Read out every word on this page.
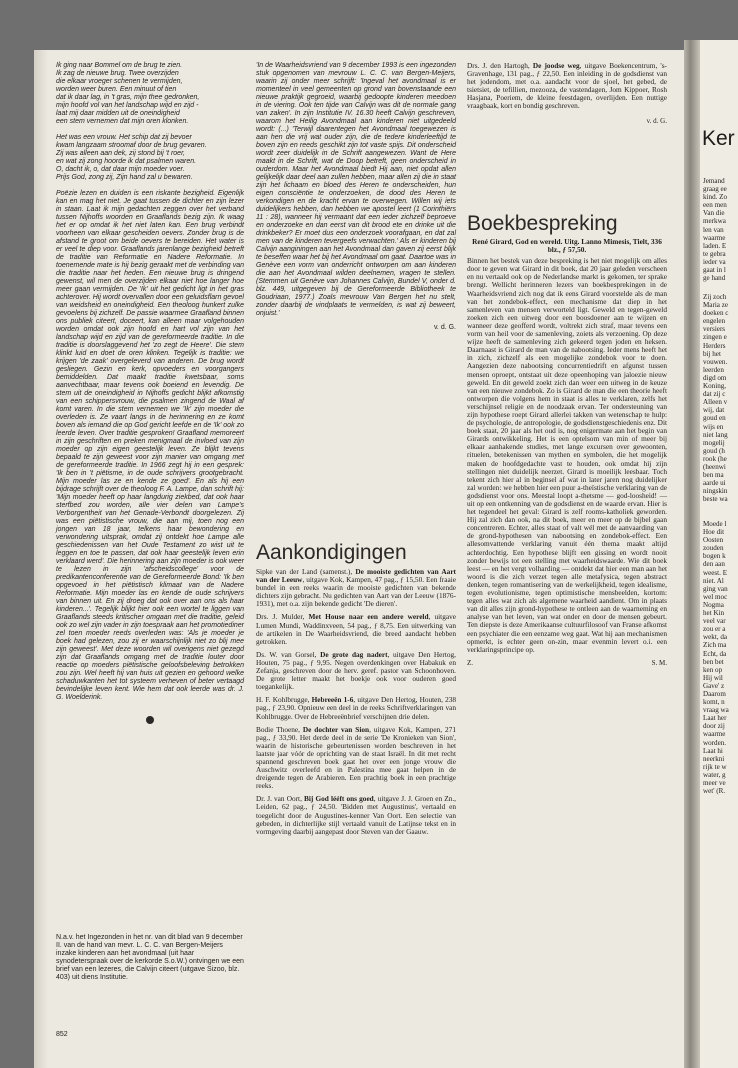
Ker
Jemand
graag ee
kind. Zo
een men
Van die
merkwa
len van
waarme
laden. E
te gebra
ieder va
gaat in l
ge hand
Zij zoch
Maria ze
doeken c
engelen
versiers
zingen e
Herders
bij het
vouwen.
leerden
digd om
Koning,
dat zij c
Alleen v
wij, dat
goud en
wijs en
niet lang
mogelij
goud (h
rook (he
(heenwi
ben ma
aarde ui
ningskin
beste wa
Moede l
Hoe dit
Oosten
zouden
bogen k
den aan
weest. E
niet. Al
ging van
wel moc
Nogma
het Kin
veel var
zou er a
wekt, da
Zich ma
Echt, da
ben bet
ken op
Hij wil
Gave' z
Daarom
komt, n
vraag wa
Laat her
door zij
waarme
worden.
Laat hi
neerkni
rijk te w
water, g
meer ve
wet' (R.

Ik ging naar Bommel om de brug te zien.
Ik zag de nieuwe brug. Twee overzijden
die elkaar vroeger schenen te vermijden,
worden weer buren. Een minuut of tien
dat ik daar lag, in 't gras, mijn thee gedronken,
mijn hoofd vol van het landschap wijd en zijd -
laat mij daar midden uit de oneindigheid
een stem vernemen dat mijn oren klonken.

Het was een vrouw. Het schip dat zij bevoer
kwam langzaam stroomaf door de brug gevaren.
Zij was alleen aan dek, zij stond bij 't roer,
en wat zij zong hoorde ik dat psalmen waren.
O, dacht ik, o, dat daar mijn moeder voer.
Prijs God, zong zij, Zijn hand zal u bewaren.

Poëzie lezen en duiden is een riskante bezigheid. Eigenlijk kan en mag het niet. Je gaat tussen de dichter en zijn lezer in staan. Laat ik mijn gedachten zeggen over het verband tussen Nijhoffs woorden en Graaflands bezig zijn. Ik waag het er op omdat ik het niet laten kan. Een brug verbindt voorheen van elkaar gescheiden oevers. Zonder brug is de afstand te groot om beide oevers te bereiden. Het water is er veel te diep voor. Graaflands jarenlange bezigheid betreft de traditie van Reformatie en Nadere Reformatie. In toenemende mate is hij bezig geraakt met de verbinding van die traditie naar het heden. Een nieuwe brug is dringend gewenst, wil men de overzijden elkaar niet hoe langer hoe meer gaan vermijden. De 'Ik' uit het gedicht ligt in het gras achterover. Hij wordt overvallen door een geluidsflarn gevoel van weidsheid en oneindigheid. Een theoloog hunkert zulke gevoelens bij zichzelf. De passie waarmee Graafland binnen ons publiek citeert, doceert, kan alleen maar volgehouden worden omdat ook zijn hoofd en hart vol zijn van het landschap wijd en zijd van de gereformeerde traditie. In die traditie is doorslaggevend het 'zo zegt de Heere'. Die stem klinkt luid en doet de oren klinken. Tegelijk is traditie: we krijgen 'de zaak' overgeleverd van anderen. De brug wordt gesliegen. Gezin en kerk, opvoeders en voorgangers bemiddelden. Dat maakt traditie kwetsbaar, soms aanvechtbaar, maar tevens ook boeiend en levendig. De stem uit de oneindigheid in Nijhoffs gedicht blijkt afkomstig van een schippersvrouw, die psalmen zingend de Waal af komt varen. In die stem vernemen we 'Ik' zijn moeder die overleden is. Ze vaart langs in de herinnering en ze komt boven als iemand die op God gericht leefde en de 'Ik' ook zo leerde leven. Over traditie gesproken! Graafland memoreert in zijn geschriften en preken menigmaal de invloed van zijn moeder op zijn eigen geestelijk leven. Ze blijkt tevens bepaald te zijn geweest voor zijn manier van omgang met de gereformeerde traditie. In 1966 zegt hij in een gesprek: 'Ik ben in 't piëtisme, in de oude schrijvers grootgebracht. Mijn moeder las ze en kende ze goed'. En als hij een bijdrage schrijft over de theoloog F. A. Lampe, dan schrift hij: 'Mijn moeder heeft op haar langdurig ziekbed, dat ook haar sterfbed zou worden, alle vier delen van Lampe's Verborgentheit van het Genade-Verbondt doorgelezen. Zij was een piëtistische vrouw, die aan mij, toen nog een jongen van 18 jaar, telkens haar bewondering en verwondering uitsprak, omdat zij ontdekt hoe Lampe alle geschiedenissen van het Oude Testament zo wist uit te leggen en toe te passen, dat ook haar geestelijk leven erin verklaard werd'. Die herinnering aan zijn moeder is ook weer te lezen in zijn 'afscheidscollege' voor de predikantenconferentie van de Gereformeerde Bond: 'Ik ben opgevoed in het piëtistisch klimaat van de Nadere Reformatie. Mijn moeder las en kende de oude schrijvers van binnen uit. En zij droeg dat ook over aan ons als haar kinderen...'. Tegelijk blijkt hier ook een wortel te liggen van Graaflands steeds kritischer omgaan met die traditie, geleid ook zo wel zijn vader in zijn toespraak aan het promotiediner zel toen moeder reeds overleden was: 'Als je moeder je boek had gelezen, zou zij er waarschijnlijk niet zo blij mee zijn geweest'. Met deze woorden wil overigens niet gezegd zijn dat Graaflands omgang met de traditie louter door reactie op moeders piëtistische geloofsbeleving betrokken zou zijn. Wel heeft hij van huis uit gezien en gehoord welke schaduwkanten het tot systeem verheven of beter vertaagd bevindelijke leven kent. Wie hem dat ook leerde was dr. J. G. Woelderink.

N.a.v. het Ingezonden in het nr. van dit blad van 9 december II. van de hand van mevr. L. C. C. van Bergen-Meijers inzake kinderen aan het avondmaal (uit haar synodeterspraak over de kerkorde S.o.W.) ontvingen we een brief van een lezeres, die Calvijn citeert (uitgave Sizoo, blz. 403) uit diens Institutie.

'In de Waarheidsvriend van 9 december 1993 is een ingezonden stuk opgenomen van mevrouw L. C. C. van Bergen-Meijers, waarin zij onder meer schrijft: 'Ingeval het avondmaal is er momenteel in veel gemeenten op grond van bovenstaande een nieuwe praktijk gegroeid, waarbij gedoopte kinderen meedoen in de viering. Ook ten tijde van Calvijn was dit de normale gang van zaken'. In zijn Institutie IV. 16.30 heeft Calvijn geschreven, waarom het Heilig Avondmaal aan kinderen niet uitgedeeld wordt: (...) 'Terwijl daarentegen het Avondmaal toegewezen is aan hen die vrij wat ouder zijn, die de tedere kinderleeftijd te boven zijn en reeds geschikt zijn tot vaste spijs. Dit onderscheid wordt zeer duidelijk in de Schrift aangewezen. Want de Here maakt in de Schrift, wat de Doop betreft, geen onderscheid in ouderdom. Maar het Avondmaal biedt Hij aan, niet opdat allen gelijkelijk daar deel aan zullen hebben, maar allen zij die in staat zijn het lichaam en bloed des Heren te onderscheiden, hun eigen consciëntie te onderzoeken, de dood des Heren te verkondigen en de kracht ervan te overwegen. Willen wij iets duidelijkers hebben, dan hebben we apostel leert (1 Corinthiërs 11 : 28), wanneer hij vermaant dat een ieder zichzelf beproeve en onderzoeke en dan eerst van dit brood ete en drinke uit die drinkbeker? Er moet dus een onderzoek voorafgaan, en dat zal men van de kinderen tevergeefs verwachten.' Als er kinderen bij Calvijn aanginingen aan het Avondmaal dan gaven zij eerst blijk te beseffen waar het bij het Avondmaal om gaat. Daartoe was in Genève een vorm van onderricht ontworpen om aan kinderen die aan het Avondmaal wilden deelnemen, vragen te stellen. (Stemmen uit Genève van Johannes Calvijn, Bundel V, onder d. blz. 449, uitgegeven bij de Gereformeerde Bibliotheek te Goudriaan, 1977.) Zoals mevrouw Van Bergen het nu stelt, zonder daarbij de vindplaats te vermelden, is wat zij beweert, onjuist.'

v. d. G.
Aankondigingen

Sipke van der Land (samenst.), De mooiste gedichten van Aart van der Leeuw, uitgave Kok, Kampen, 47 pag., ƒ 15,50. Een fraaie bundel in een reeks waarin de mooiste gedichten van bekende dichters zijn gebracht. Nu gedichten van Aart van der Leeuw (1876-1931), met o.a. zijn bekende gedicht 'De dieren'.

Drs. J. Mulder, Met House naar een andere wereld, uitgave Lumen Mundi, Waddinxveen, 54 pag., ƒ 8,75. Een uitwerking van de artikelen in De Waarheidsvriend, die breed aandacht hebben getrokken.

Ds. W. van Gorsel, De grote dag nadert, uitgave Den Hertog, Houten, 75 pag., ƒ 9,95. Negen overdenkingen over Habakuk en Zefanja, geschreven door de herv. geref. pastor van Schoonhoven. De grote letter maakt het boekje ook voor ouderen goed toegankelijk.

H. F. Kohlbrugge, Hebreeën 1-6, uitgave Den Hertog, Houten, 238 pag., ƒ 23,90. Opnieuw een deel in de reeks Schriftverklaringen van Kohlbrugge. Over de Hebreeënbrief verschijnen drie delen.

Bodie Thoene, De dochter van Sion, uitgave Kok, Kampen, 271 pag., ƒ 33,90. Het derde deel in de serie 'De Kronieken van Sion', waarin de historische gebeurtenissen worden beschreven in het laatste jaar vóór de oprichting van de staat Israël. In dit met recht spannend geschreven boek gaat het over een jonge vrouw die Auschwitz overleefd en in Palestina mee gaat helpen in de dreigende tegen de Arabieren. Een prachtig boek in een prachtige reeks.

Dr. J. van Oort, Bij God lééft ons goed, uitgave J. J. Groen en Zn., Leiden, 62 pag., ƒ 24,50. 'Bidden met Augustinus', vertaald en toegelicht door de Augustines-kenner Van Oort. Een selectie van gebeden, in dichterlijke stijl vertaald vanuit de Latijnse tekst en in vormgeving daarbij aangepast door Steven van der Gaauw.

Drs. J. den Hartogh, De joodse weg, uitgave Boekencentrum, 's-Gravenhage, 131 pag., ƒ 22,50. Een inleiding in de godsdienst van het jodendom, met o.a. aandacht voor de sjoel, het gebed, de tsietsiet, de tefillien, mezooza, de vastendagen, Jom Kippoer, Rosh Hasjana, Poeriem, de kleine feestdagen, overlijden. Een nuttige vraagbaak, kort en bondig geschreven.

v. d. G.
Boekbespreking
René Girard, God en wereld. Uitg. Lanno Mimesis, Tielt, 336 blz., ƒ 57,50.

Binnen het bestek van deze bespreking is het niet mogelijk om alles door te geven wat Girard in dit boek, dat 20 jaar geleden verscheen en nu vertaald ook op de Nederlandse markt is gekomen, ter sprake brengt. Wellicht herinneren lezers van boekbesprekingen in de Waarheidsvriend zich nog dat ik eens Girard voorstelde als de man van het zondebok-effect, een mechanisme dat diep in het samenleven van mensen verworteld ligt. Geweld en tegen-geweld zoeken zich een uitweg door een boosdoener aan te wijzen en wanneer deze geofferd wordt, voltrekt zich straf, maar tevens een vorm van heil voor de samenleving, zoiets als verzoening. Op deze wijze heeft de samenleving zich gekeerd tegen joden en heksen. Daarnaast is Girard de man van de nabootsing. Ieder mens heeft het in zich, zichzelf als een mogelijke zondebok voor te doen. Aangezien deze nabootsing concurrentiedrift en afgunst tussen mensen oproept, ontstaat uit deze opeenhoping van jaloezie nieuw geweld. En dit geweld zoekt zich dan weer een uitweg in de keuze van een nieuwe zondebok. Zo is Girard de man die een theorie heeft ontworpen die volgens hem in staat is alles te verklaren, zelfs het verschijnsel religie en de noodzaak ervan. Ter ondersteuning van zijn hypothese roept Girard allerlei takken van wetenschap te hulp: de psychologie, de antropologie, de godsdienstgeschiedenis enz. Dit boek staat, 20 jaar als het oud is, nog enigermate aan het begin van Girards ontwikkeling. Het is een optelsom van min of meer bij elkaar aanhakende studies, met lange excursen over gewoonten, rituelen, betekenissen van mythen en symbolen, die het mogelijk maken de hoofdgedachte vast te houden, ook omdat hij zijn stellingen niet duidelijk neerzet. Girard is moeilijk leesbaar. Toch tekent zich hier al in beginsel af wat in later jaren nog duidelijker zal worden: we hebben hier een puur a-theïstische verklaring van de godsdienst voor ons. Meestal loopt a-thetsme — god-loosheid! — uit op een ontkenning van de godsdienst en de waarde ervan. Hier is het tegendeel het geval: Girard is zelf rooms-katholiek geworden. Hij zal zich dan ook, na dit boek, meer en meer op de bijbel gaan concentreren. Echter, alles staat of valt wél met de aanvaarding van de grond-hypothesen van nabootsing en zondebok-effect. Een allesomvattende verklaring vanuit één thema maakt altijd achterdochtig. Een hypothese blijft een gissing en wordt nooit zonder bewijs tot een stelling met waarheidswaarde. Wie dit boek leest — en het vergt volharding — ontdekt dat hier een man aan het woord is die zich verzet tegen alle metafysica, tegen abstract denken, tegen romantisering van de werkelijkheid, tegen idealisme, tegen evolutionisme, tegen optimistische mensbeelden, kortom: tegen alles wat zich als algemene waarheid aandient. Om in plaats van dit alles zijn grond-hypothese te ontleen aan de waarneming en analyse van het leven, van wat onder en door de mensen gebeurt. Ten diepste is deze Amerikaanse cultuurfilosoof van Franse afkomst een psychiater die een eenzame weg gaat. Wat hij aan mechanismen opmerkt, is echter geen on-zin, maar evenmin levert o.i. een verklaringsprincipe op.

Z.	S. M.
852
